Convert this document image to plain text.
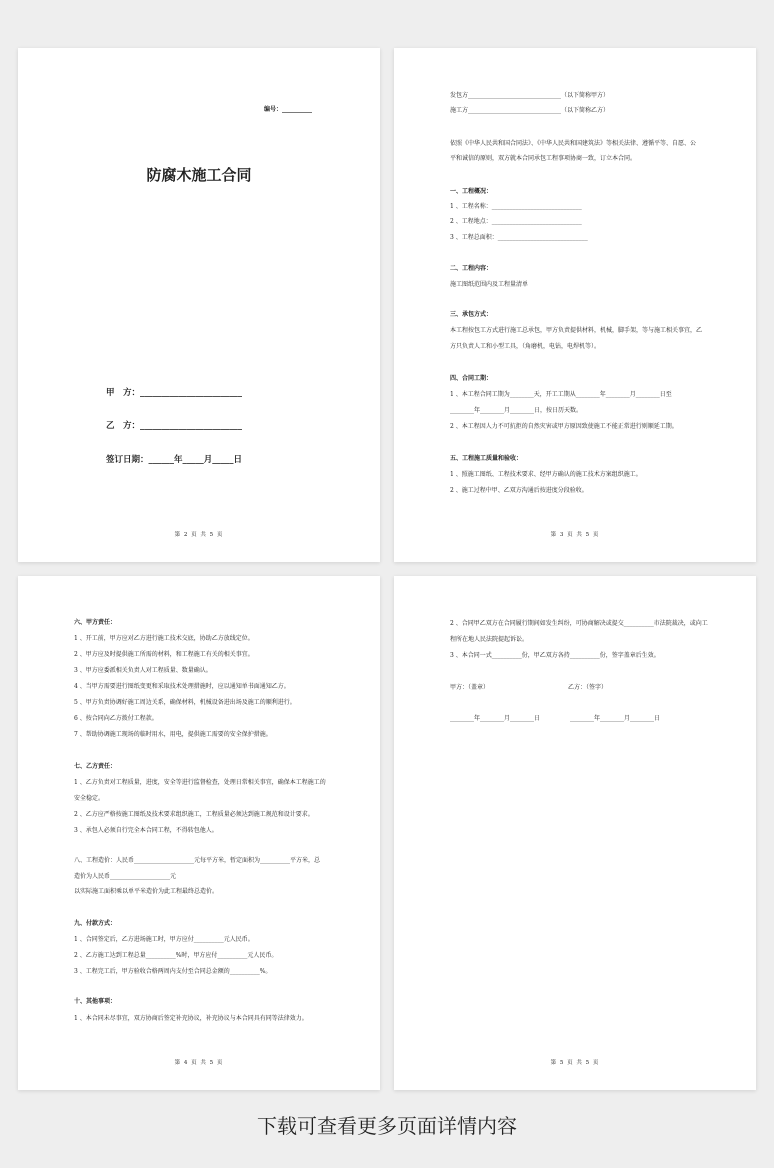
编号：__________
防腐木施工合同
甲　方：________________________
乙　方：________________________
签订日期：______年_____月_____日
第 2 页 共 5 页
发包方_______________________________（以下简称甲方）
施工方_______________________________（以下简称乙方）
依照《中华人民共和国合同法》、《中华人民共和国建筑法》等相关法律、遵循平等、自愿、公
平和诚信的原则，双方就本合同承包工程事项协商一致，订立本合同。
一、工程概况：
1 、工程名称：______________________________
2 、工程地点：______________________________
3 、工程总面积：______________________________
二、工程内容：
施工图纸范围内及工程量清单
三、承包方式：
本工程按包工方式进行施工总承包，甲方负责提供材料，机械，脚手架，等与施工相关事宜，乙
方只负责人工和小型工具，（角磨机，电钻，电焊机等）。
四、合同工期：
1 、本工程合同工期为________天，开工工期从________年________月________日至
________年________月________日，按日历天数。
2 、本工程因人力不可抗拒的自然灾害或甲方原因致使施工不能正常进行则顺延工期。
五、工程施工质量和验收：
1 、照施工图纸、工程技术要求、经甲方确认的施工技术方案组织施工。
2 、施工过程中甲、乙双方沟通后按进度分段验收。
第 3 页 共 5 页
六、甲方责任：
1 、开工前，甲方应对乙方进行施工技术交底，协助乙方放线定位。
2 、甲方应及时提供施工所需的材料，和工程施工有关的相关事宜。
3 、甲方应委派相关负责人对工程质量、数量确认。
4 、当甲方需要进行图纸变更和采取技术处理措施时，应以通知单书面通知乙方。
5 、甲方负责协调好施工周边关系，确保材料，机械设备进出场及施工的顺利进行。
6 、按合同向乙方拨付工程款。
7 、帮助协调施工现场的临时用水，用电，提供施工需要的安全保护措施。
七、乙方责任：
1 、乙方负责对工程质量，进度，安全等进行监督检查，处理日常相关事宜，确保本工程施工的
安全稳定。
2 、乙方应严格按施工图纸及技术要求组织施工，工程质量必须达到施工规范和设计要求。
3 、承包人必须自行完全本合同工程，不得转包他人。
八、工程造价：人民币____________________元每平方米，暂定面积为__________平方米，总
造价为人民币____________________元
以实际施工面积乘以单平米造价为此工程最终总造价。
九、付款方式：
1 、合同签定后，乙方进场施工时，甲方应付__________元人民币。
2 、乙方施工达到工程总量__________%时，甲方应付__________元人民币。
3 、工程完工后，甲方验收合格两周内支付至合同总金额的__________%。
十、其他事项：
1 、本合同未尽事宜，双方协商后签定补充协议，补充协议与本合同具有同等法律效力。
第 4 页 共 5 页
2 、合同甲乙双方在合同履行期间如发生纠纷，可协商解决或提交__________市法院裁决，或向工
程所在地人民法院提起诉讼。
3 、本合同一式__________份，甲乙双方各持__________份，签字盖章后生效。
甲方：（盖章）	乙方：（签字）
________年________月________日	________年________月________日
第 5 页 共 5 页
下载可查看更多页面详情内容
